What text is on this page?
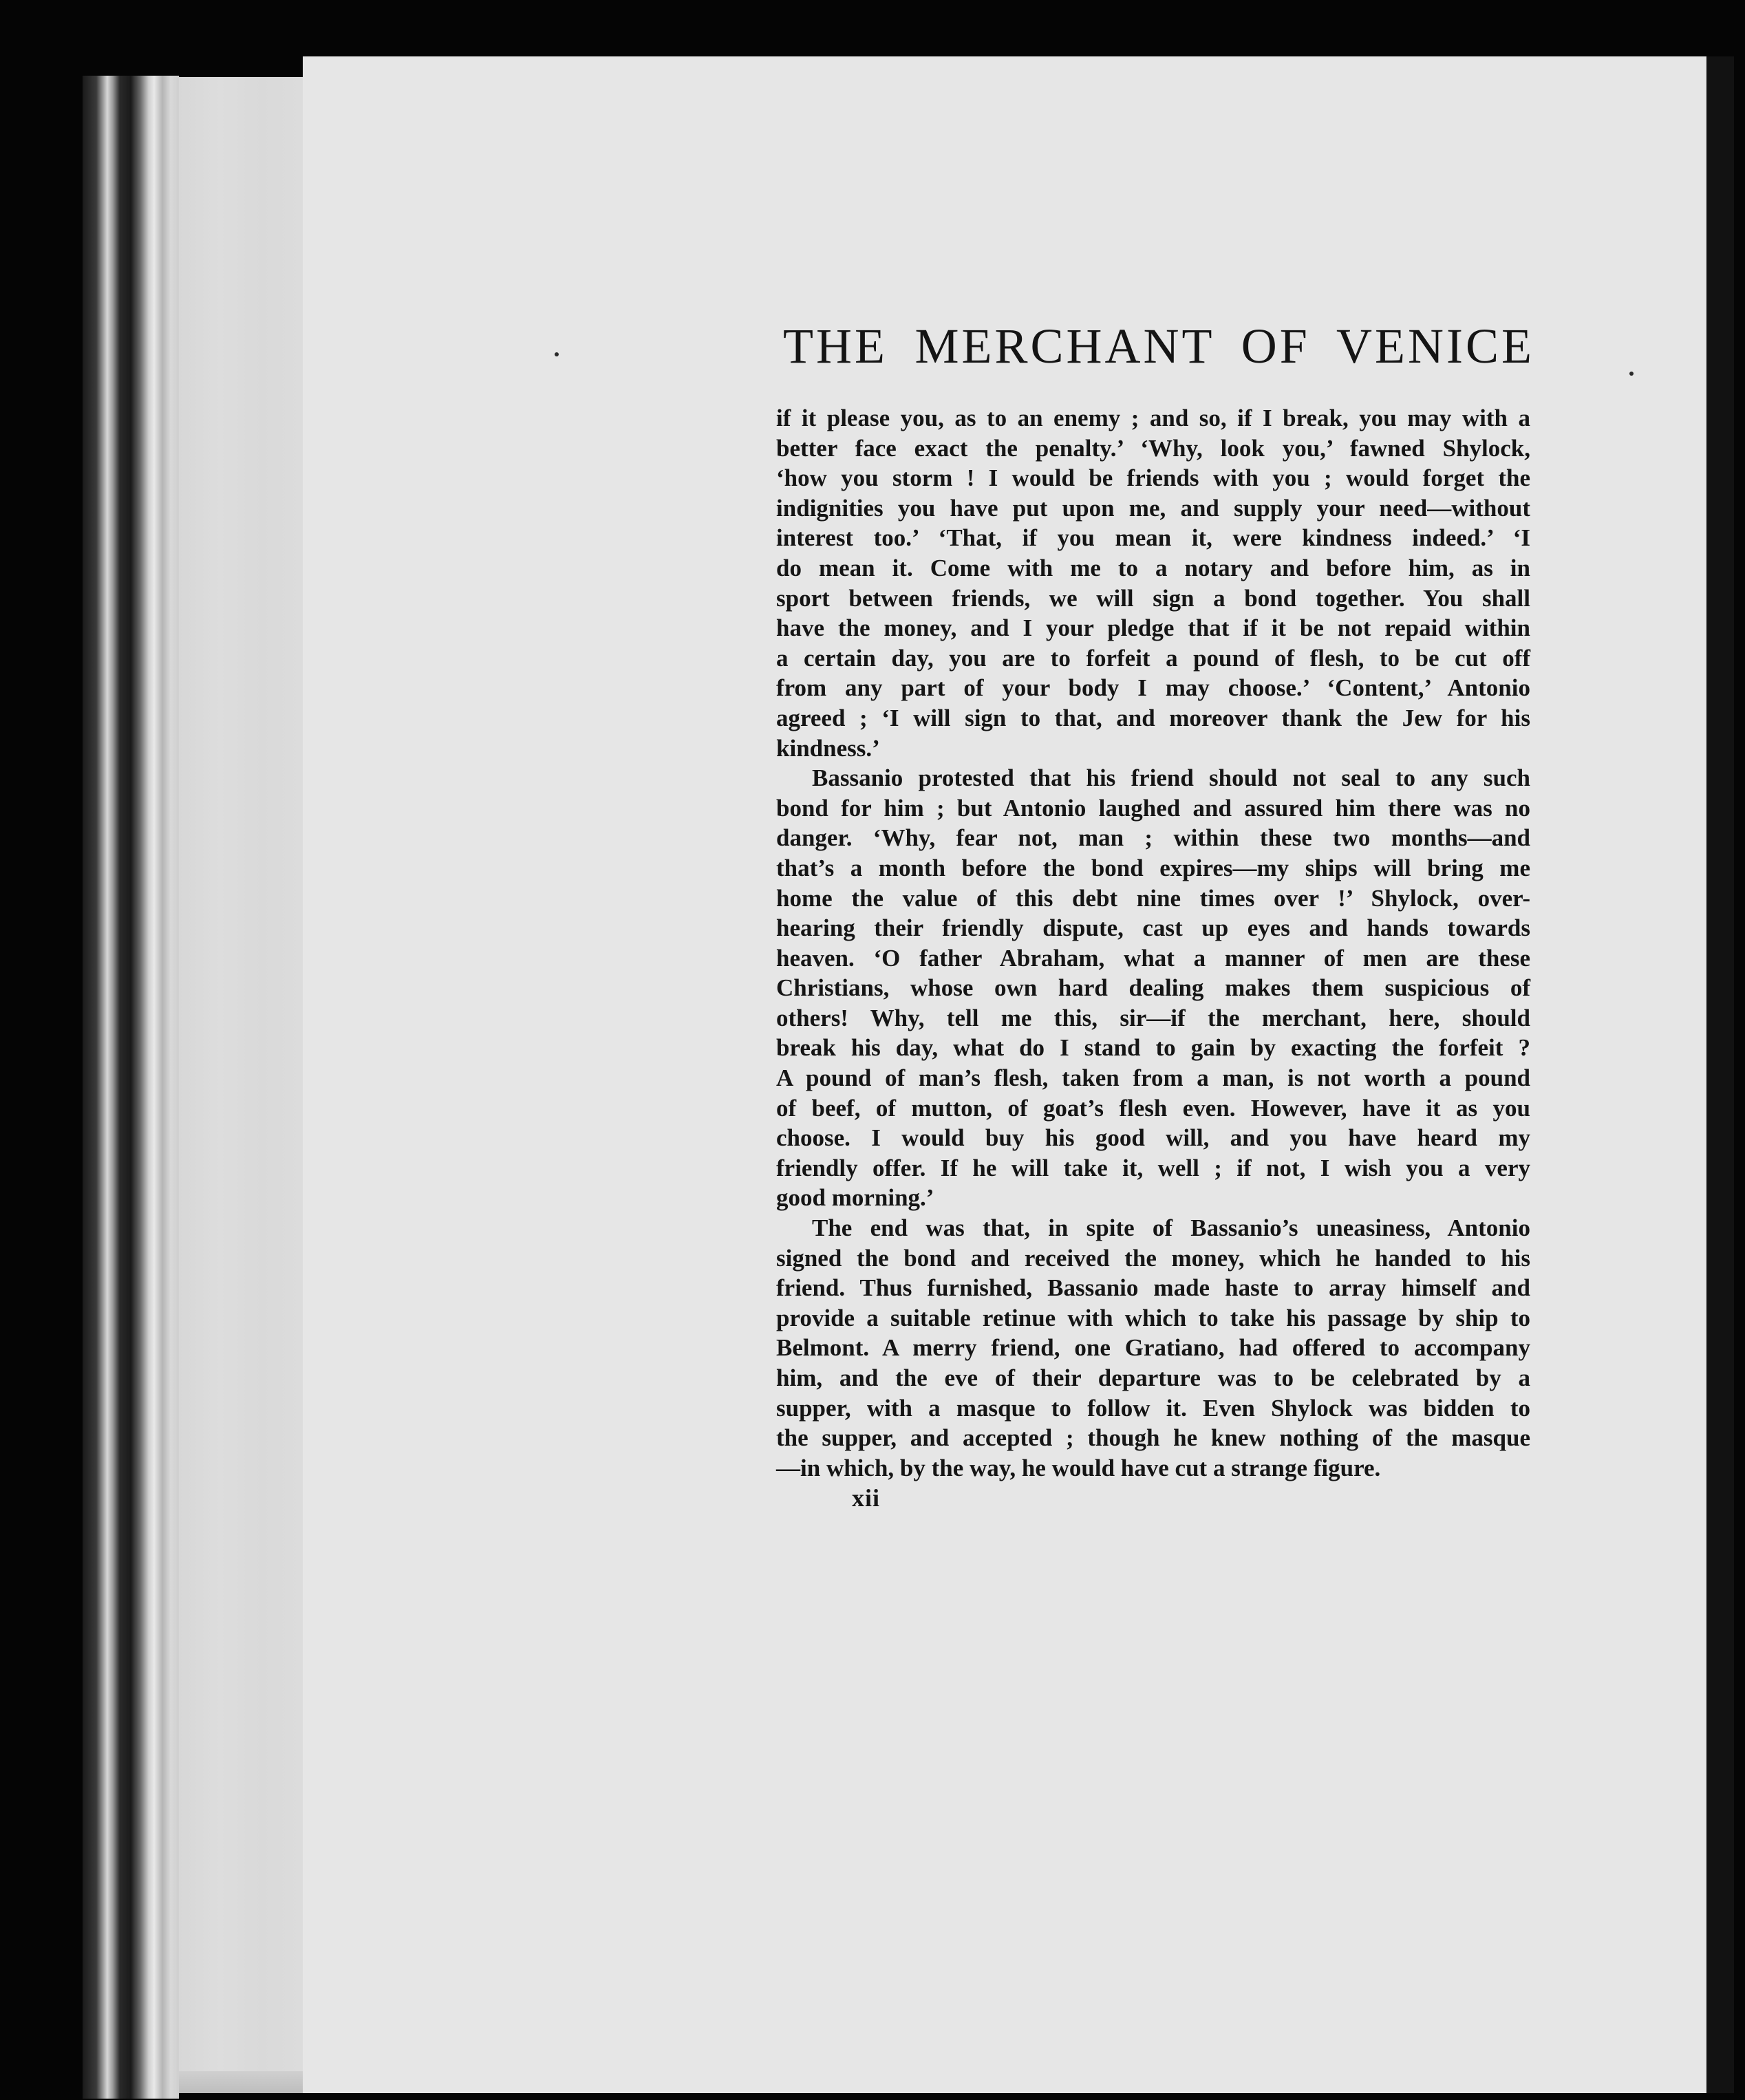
THE MERCHANT OF VENICE
if it please you, as to an enemy ; and so, if I break, you may with a
better face exact the penalty.’ ‘Why, look you,’ fawned Shylock,
‘how you storm ! I would be friends with you ; would forget the
indignities you have put upon me, and supply your need—without
interest too.’ ‘That, if you mean it, were kindness indeed.’ ‘I
do mean it. Come with me to a notary and before him, as in
sport between friends, we will sign a bond together. You shall
have the money, and I your pledge that if it be not repaid within
a certain day, you are to forfeit a pound of flesh, to be cut off
from any part of your body I may choose.’ ‘Content,’ Antonio
agreed ; ‘I will sign to that, and moreover thank the Jew for his
kindness.’
Bassanio protested that his friend should not seal to any such
bond for him ; but Antonio laughed and assured him there was no
danger. ‘Why, fear not, man ; within these two months—and
that’s a month before the bond expires—my ships will bring me
home the value of this debt nine times over !’ Shylock, over-
hearing their friendly dispute, cast up eyes and hands towards
heaven. ‘O father Abraham, what a manner of men are these
Christians, whose own hard dealing makes them suspicious of
others! Why, tell me this, sir—if the merchant, here, should
break his day, what do I stand to gain by exacting the forfeit ?
A pound of man’s flesh, taken from a man, is not worth a pound
of beef, of mutton, of goat’s flesh even. However, have it as you
choose. I would buy his good will, and you have heard my
friendly offer. If he will take it, well ; if not, I wish you a very
good morning.’
The end was that, in spite of Bassanio’s uneasiness, Antonio
signed the bond and received the money, which he handed to his
friend. Thus furnished, Bassanio made haste to array himself and
provide a suitable retinue with which to take his passage by ship to
Belmont. A merry friend, one Gratiano, had offered to accompany
him, and the eve of their departure was to be celebrated by a
supper, with a masque to follow it. Even Shylock was bidden to
the supper, and accepted ; though he knew nothing of the masque
—in which, by the way, he would have cut a strange figure.
xii
